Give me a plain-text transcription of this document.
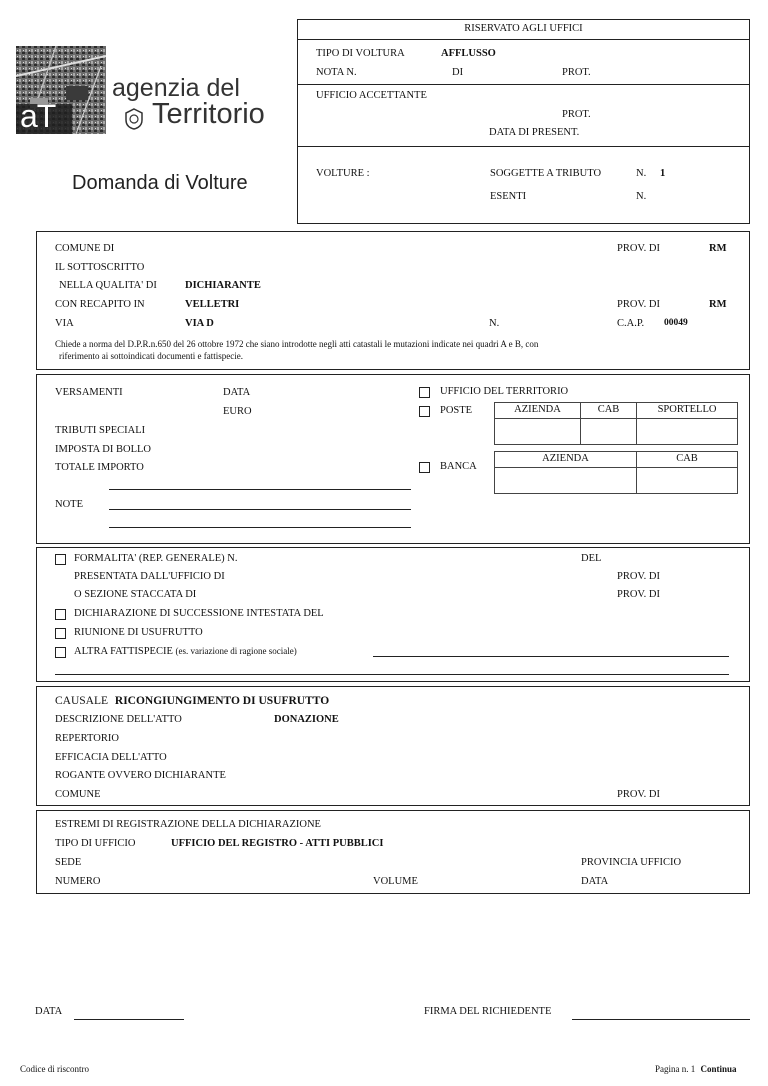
aT
agenzia del
Territorio
Domanda di Volture
RISERVATO AGLI UFFICI
TIPO DI VOLTURA	AFFLUSSO
NOTA N.	DI	PROT.
UFFICIO ACCETTANTE
PROT.
DATA DI PRESENT.
VOLTURE :	SOGGETTE A TRIBUTO	N. 1
ESENTI	N.
COMUNE DI	PROV. DI	RM
IL SOTTOSCRITTO
NELLA QUALITA' DI	DICHIARANTE
CON RECAPITO IN	VELLETRI	PROV. DI	RM
VIA	VIA D	N.	C.A.P. 00049
Chiede a norma del D.P.R.n.650 del 26 ottobre 1972 che siano introdotte negli atti catastali le mutazioni indicate nei quadri A e B, con
riferimento ai sottoindicati documenti e fattispecie.
VERSAMENTI	DATA
EURO
TRIBUTI SPECIALI
IMPOSTA DI BOLLO
TOTALE IMPORTO
NOTE
UFFICIO DEL TERRITORIO
POSTE
BANCA
AZIENDA	CAB	SPORTELLO
AZIENDA	CAB
FORMALITA' (REP. GENERALE) N.	DEL
PRESENTATA DALL'UFFICIO DI	PROV. DI
O SEZIONE STACCATA DI	PROV. DI
DICHIARAZIONE DI SUCCESSIONE INTESTATA DEL
RIUNIONE DI USUFRUTTO
ALTRA FATTISPECIE (es. variazione di ragione sociale)
CAUSALE RICONGIUNGIMENTO DI USUFRUTTO
DESCRIZIONE DELL'ATTO	DONAZIONE
REPERTORIO
EFFICACIA DELL'ATTO
ROGANTE OVVERO DICHIARANTE
COMUNE	PROV. DI
ESTREMI DI REGISTRAZIONE DELLA DICHIARAZIONE
TIPO DI UFFICIO	UFFICIO DEL REGISTRO - ATTI PUBBLICI
SEDE	PROVINCIA UFFICIO
NUMERO	VOLUME	DATA
DATA	FIRMA DEL RICHIEDENTE
Codice di riscontro	Pagina n. 1 Continua
